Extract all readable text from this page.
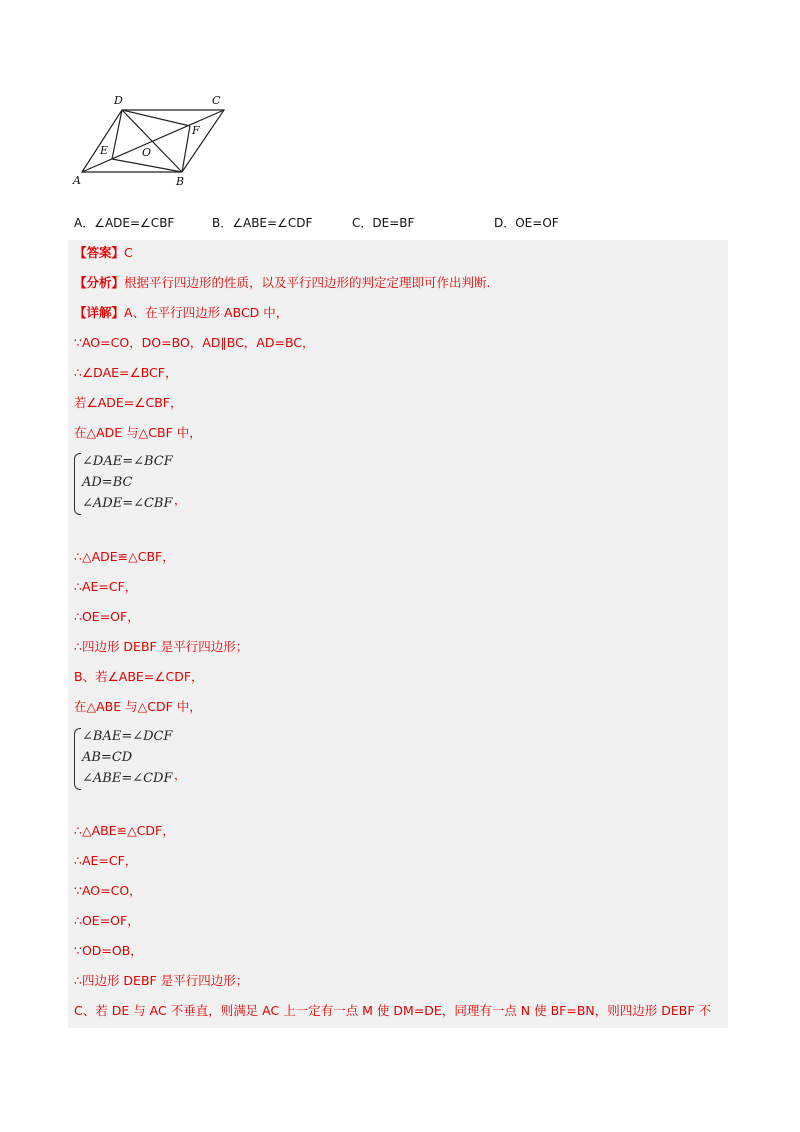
D	C
A	B
E
F
O
A．∠ADE=∠CBF	B．∠ABE=∠CDF	C．DE=BF	D．OE=OF
【答案】C
【分析】根据平行四边形的性质，以及平行四边形的判定定理即可作出判断.
【详解】A、在平行四边形 ABCD 中，
∵AO=CO，DO=BO，AD∥BC，AD=BC，
∴∠DAE=∠BCF，
若∠ADE=∠CBF，
在△ADE 与△CBF 中，
∠DAE=∠BCF
AD=BC
∠ADE=∠CBF ，
∴△ADE≌△CBF，
∴AE=CF，
∴OE=OF，
∴四边形 DEBF 是平行四边形；
B、若∠ABE=∠CDF，
在△ABE 与△CDF 中，
∠BAE=∠DCF
AB=CD
∠ABE=∠CDF ，
∴△ABE≌△CDF，
∴AE=CF，
∵AO=CO，
∴OE=OF，
∵OD=OB，
∴四边形 DEBF 是平行四边形；
C、若 DE 与 AC 不垂直，则满足 AC 上一定有一点 M 使 DM=DE，同理有一点 N 使 BF=BN，则四边形 DEBF 不
